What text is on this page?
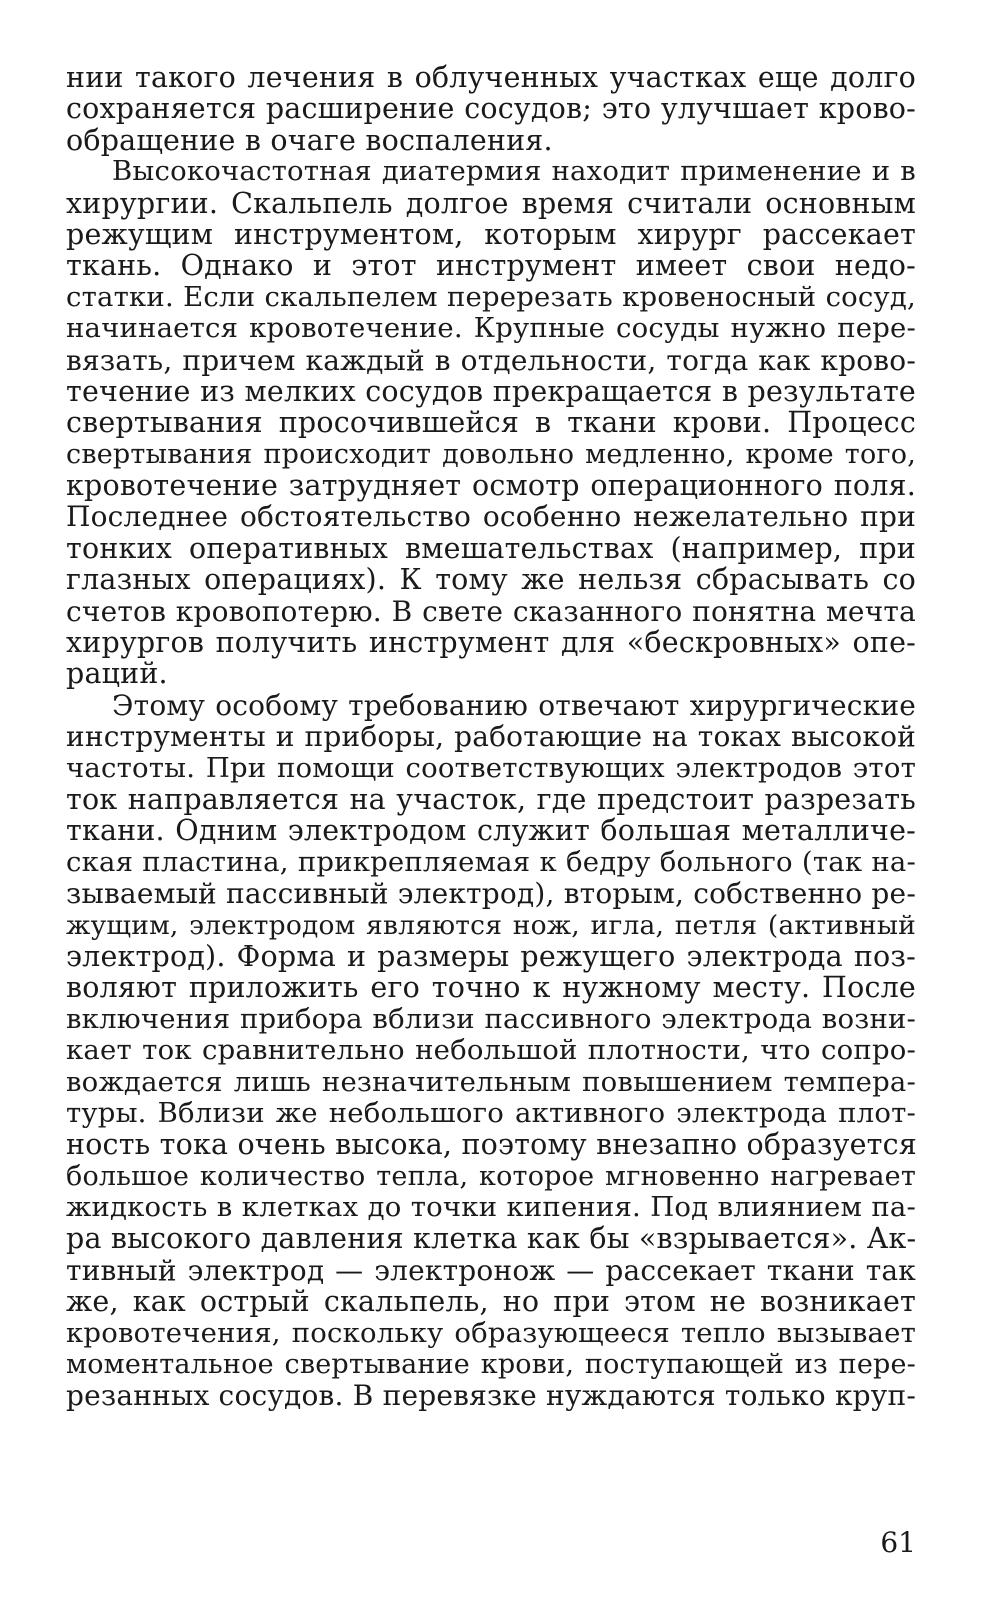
нии такого лечения в облученных участках еще долго
сохраняется расширение сосудов; это улучшает крово-
обращение в очаге воспаления.
Высокочастотная диатермия находит применение и в
хирургии. Скальпель долгое время считали основным
режущим инструментом, которым хирург рассекает
ткань. Однако и этот инструмент имеет свои недо-
статки. Если скальпелем перерезать кровеносный сосуд,
начинается кровотечение. Крупные сосуды нужно пере-
вязать, причем каждый в отдельности, тогда как крово-
течение из мелких сосудов прекращается в результате
свертывания просочившейся в ткани крови. Процесс
свертывания происходит довольно медленно, кроме того,
кровотечение затрудняет осмотр операционного поля.
Последнее обстоятельство особенно нежелательно при
тонких оперативных вмешательствах (например, при
глазных операциях). К тому же нельзя сбрасывать со
счетов кровопотерю. В свете сказанного понятна мечта
хирургов получить инструмент для «бескровных» опе-
раций.
Этому особому требованию отвечают хирургические
инструменты и приборы, работающие на токах высокой
частоты. При помощи соответствующих электродов этот
ток направляется на участок, где предстоит разрезать
ткани. Одним электродом служит большая металличе-
ская пластина, прикрепляемая к бедру больного (так на-
зываемый пассивный электрод), вторым, собственно ре-
жущим, электродом являются нож, игла, петля (активный
электрод). Форма и размеры режущего электрода поз-
воляют приложить его точно к нужному месту. После
включения прибора вблизи пассивного электрода возни-
кает ток сравнительно небольшой плотности, что сопро-
вождается лишь незначительным повышением темпера-
туры. Вблизи же небольшого активного электрода плот-
ность тока очень высока, поэтому внезапно образуется
большое количество тепла, которое мгновенно нагревает
жидкость в клетках до точки кипения. Под влиянием па-
ра высокого давления клетка как бы «взрывается». Ак-
тивный электрод — электронож — рассекает ткани так
же, как острый скальпель, но при этом не возникает
кровотечения, поскольку образующееся тепло вызывает
моментальное свертывание крови, поступающей из пере-
резанных сосудов. В перевязке нуждаются только круп-
61
